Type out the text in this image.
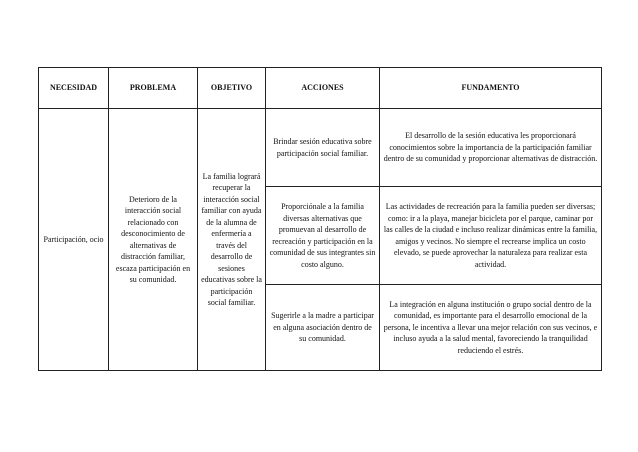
NECESIDAD	PROBLEMA	OBJETIVO	ACCIONES	FUNDAMENTO

Participación, ocio	Deterioro de la interacción social relacionado con desconocimiento de alternativas de distracción familiar, escaza participación en su comunidad.	La familia logrará recuperar la interacción social familiar con ayuda de la alumna de enfermería a través del desarrollo de sesiones educativas sobre la participación social familiar.	Brindar sesión educativa sobre participación social familiar.	El desarrollo de la sesión educativa les proporcionará conocimientos sobre la importancia de la participación familiar dentro de su comunidad y proporcionar alternativas de distracción.

			Proporciónale a la familia diversas alternativas que promuevan al desarrollo de recreación y participación en la comunidad de sus integrantes sin costo alguno.	Las actividades de recreación para la familia pueden ser diversas; como: ir a la playa, manejar bicicleta por el parque, caminar por las calles de la ciudad e incluso realizar dinámicas entre la familia, amigos y vecinos. No siempre el recrearse implica un costo elevado, se puede aprovechar la naturaleza para realizar esta actividad.

			Sugerirle a la madre a participar en alguna asociación dentro de su comunidad.	La integración en alguna institución o grupo social dentro de la comunidad, es importante para el desarrollo emocional de la persona, le incentiva a llevar una mejor relación con sus vecinos, e incluso ayuda a la salud mental, favoreciendo la tranquilidad reduciendo el estrés.
